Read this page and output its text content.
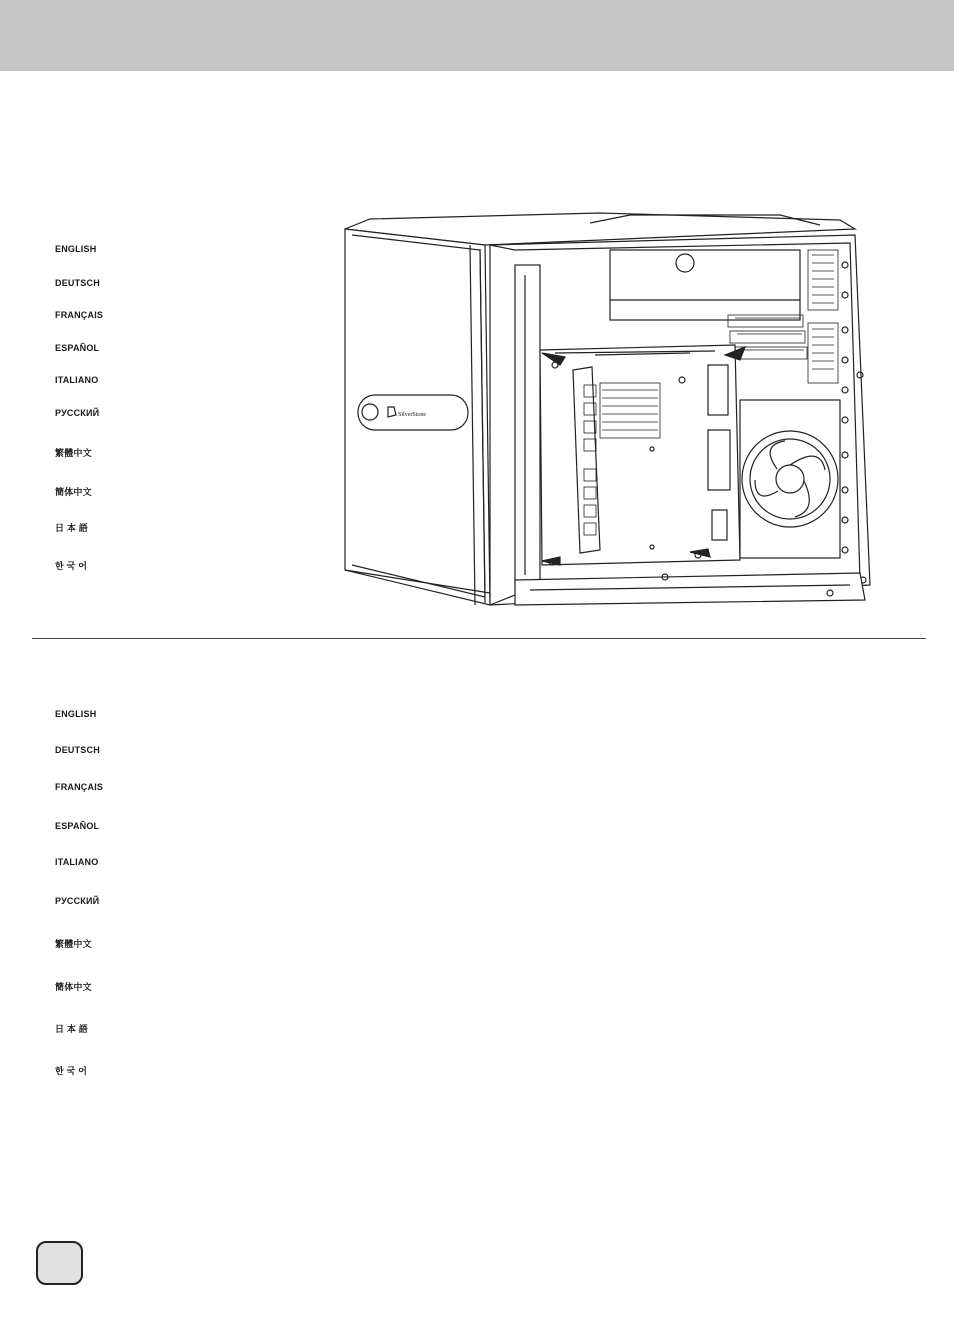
ENGLISH
DEUTSCH
FRANÇAIS
ESPAÑOL
ITALIANO
РУССКИЙ
繁體中文
簡体中文
日 本 語
한 국 어
SilverStone
ENGLISH
DEUTSCH
FRANÇAIS
ESPAÑOL
ITALIANO
РУССКИЙ
繁體中文
簡体中文
日 本 語
한 국 어
